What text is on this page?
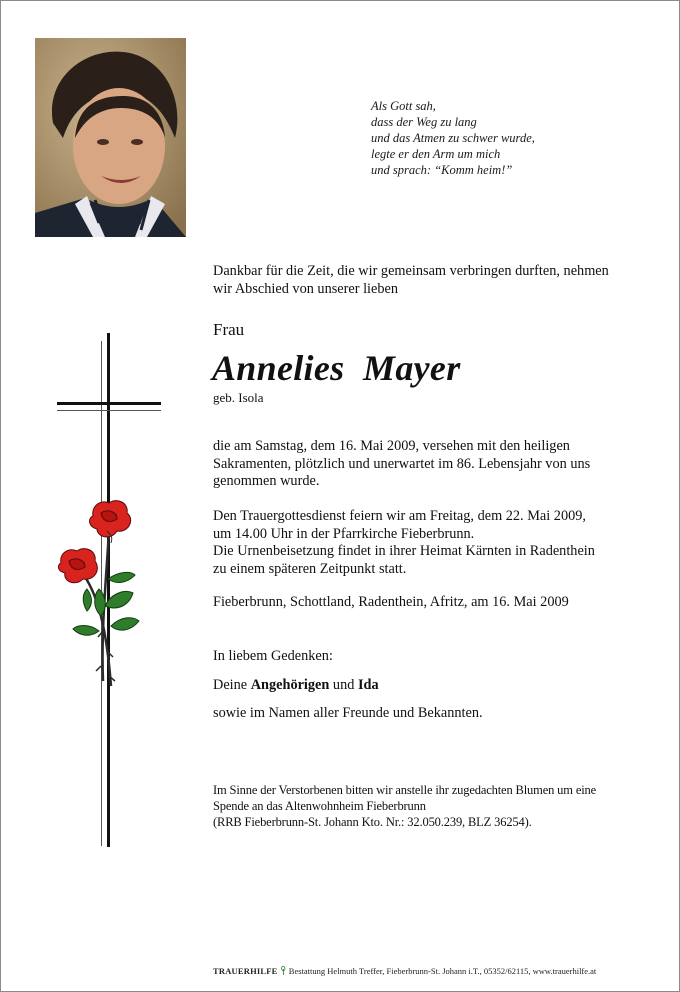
Als Gott sah,
dass der Weg zu lang
und das Atmen zu schwer wurde,
legte er den Arm um mich
und sprach: “Komm heim!”
Dankbar für die Zeit, die wir gemeinsam verbringen durften, nehmen
wir Abschied von unserer lieben
Frau
Annelies  Mayer
geb. Isola
die am Samstag, dem 16. Mai 2009, versehen mit den heiligen
Sakramenten, plötzlich und unerwartet im 86. Lebensjahr von uns
genommen wurde.
Den Trauergottesdienst feiern wir am Freitag, dem 22. Mai 2009,
um 14.00 Uhr in der Pfarrkirche Fieberbrunn.
Die Urnenbeisetzung findet in ihrer Heimat Kärnten in Radenthein
zu einem späteren Zeitpunkt statt.
Fieberbrunn, Schottland, Radenthein, Afritz, am 16. Mai 2009
In liebem Gedenken:
Deine Angehörigen und Ida
sowie im Namen aller Freunde und Bekannten.
Im Sinne der Verstorbenen bitten wir anstelle ihr zugedachten Blumen um eine
Spende an das Altenwohnheim Fieberbrunn
(RRB Fieberbrunn-St. Johann Kto. Nr.: 32.050.239, BLZ 36254).
TRAUERHILFE  Bestattung Helmuth Treffer, Fieberbrunn-St. Johann i.T., 05352/62115, www.trauerhilfe.at
